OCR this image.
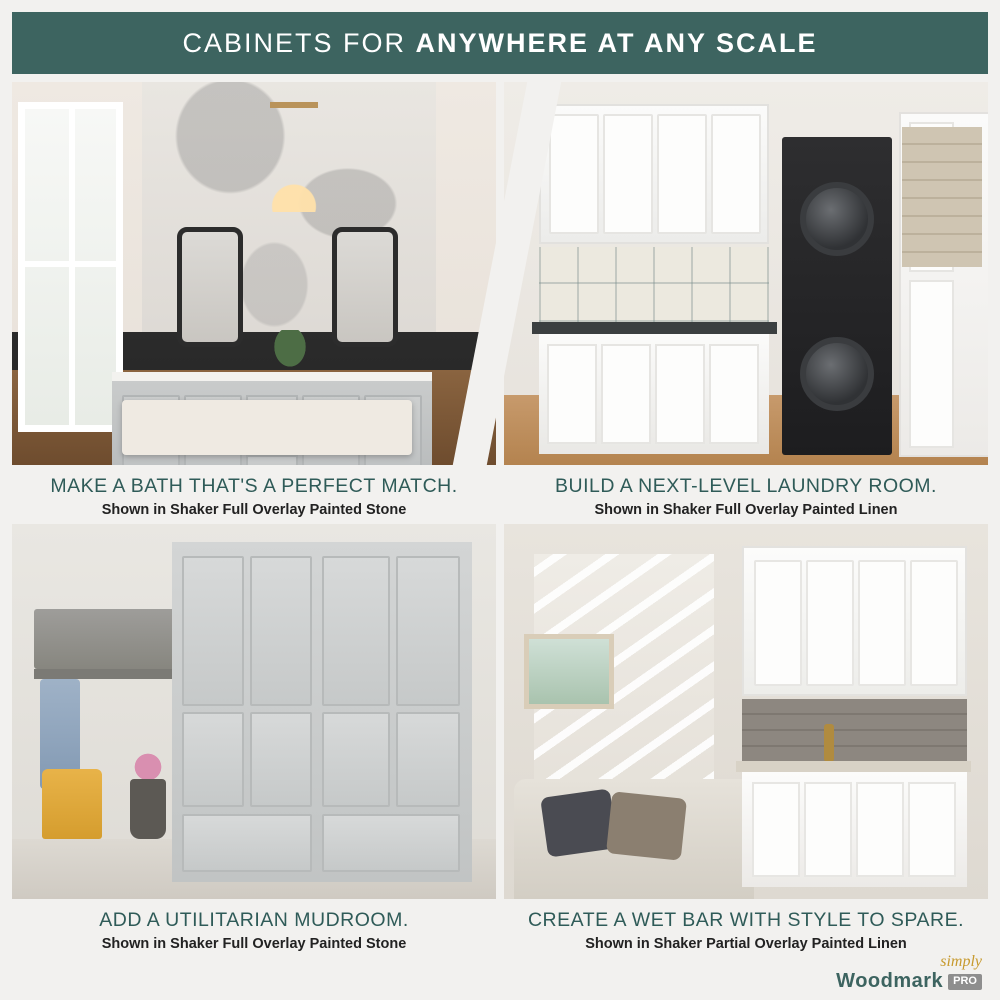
CABINETS FOR ANYWHERE AT ANY SCALE
MAKE A BATH THAT'S A PERFECT MATCH.
Shown in Shaker Full Overlay Painted Stone
BUILD A NEXT-LEVEL LAUNDRY ROOM.
Shown in Shaker Full Overlay Painted Linen
ADD A UTILITARIAN MUDROOM.
Shown in Shaker Full Overlay Painted Stone
CREATE A WET BAR WITH STYLE TO SPARE.
Shown in Shaker Partial Overlay Painted Linen
simply
Woodmark PRO
